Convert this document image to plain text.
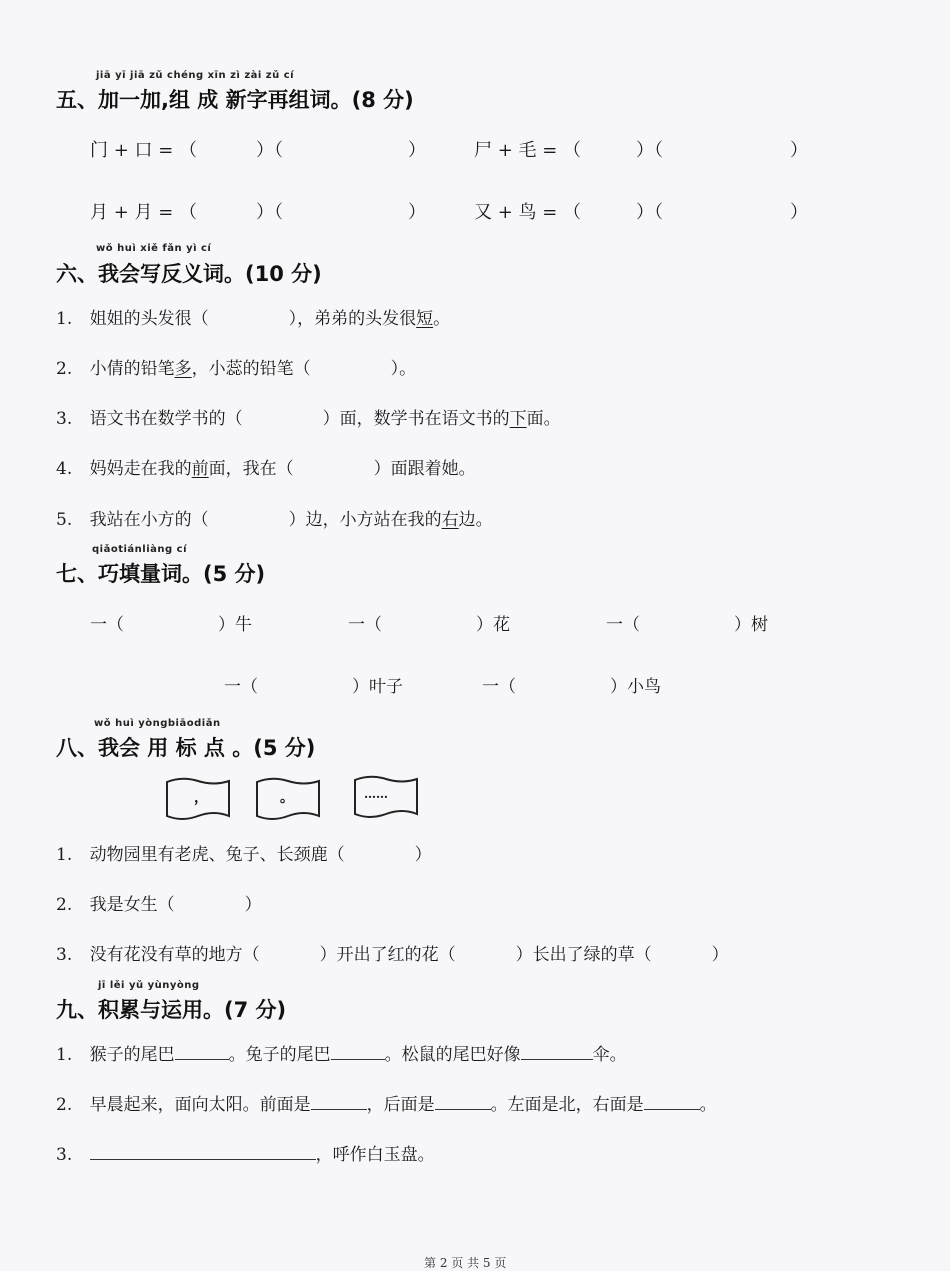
jiā yī jiā zǔ chéng xīn zì zài zǔ cí
五、加一加,组 成 新字再组词。(8 分)
门 + 口 = （	）（	）	尸 + 毛 = （	）（	）
月 + 月 = （	）（	）	又 + 鸟 = （	）（	）
wǒ huì xiě fǎn yì cí
六、我会写反义词。(10 分)
1. 姐姐的头发很（	），弟弟的头发很短。
2. 小倩的铅笔多，小蕊的铅笔（	）。
3. 语文书在数学书的（	）面，数学书在语文书的下面。
4. 妈妈走在我的前面，我在（	）面跟着她。
5. 我站在小方的（	）边，小方站在我的右边。
qiǎotiánliàng cí
七、巧填量词。(5 分)
一（	）牛	一（	）花	一（	）树
一（	）叶子	一（	）小鸟
wǒ huì yòngbiāodiǎn
八、我会 用 标 点 。(5 分)
，	。	……
1. 动物园里有老虎、兔子、长颈鹿（	）
2. 我是女生（	）
3. 没有花没有草的地方（	）开出了红的花（	）长出了绿的草（	）
jī lěi yǔ yùnyòng
九、积累与运用。(7 分)
1. 猴子的尾巴	。兔子的尾巴	。松鼠的尾巴好像	伞。
2. 早晨起来，面向太阳。前面是	，后面是	。左面是北，右面是	。
3.	，呼作白玉盘。
第 2 页 共 5 页
